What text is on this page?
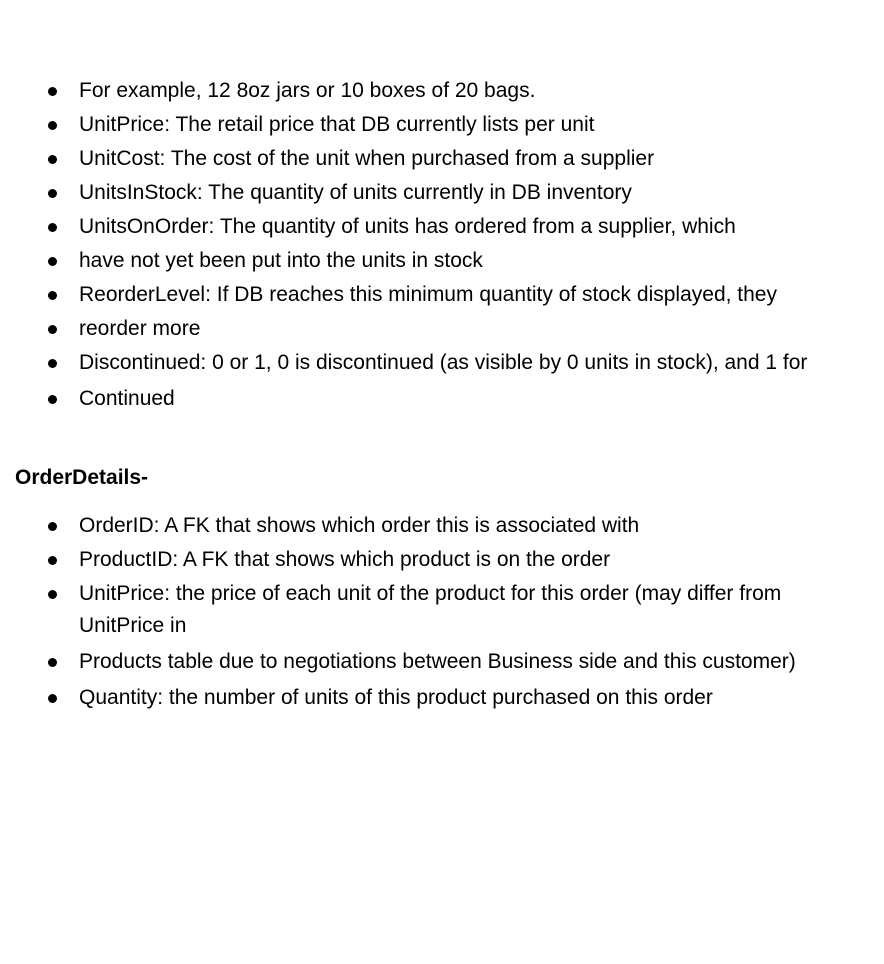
For example, 12 8oz jars or 10 boxes of 20 bags.
UnitPrice: The retail price that DB currently lists per unit
UnitCost: The cost of the unit when purchased from a supplier
UnitsInStock: The quantity of units currently in DB inventory
UnitsOnOrder: The quantity of units has ordered from a supplier, which
have not yet been put into the units in stock
ReorderLevel: If DB reaches this minimum quantity of stock displayed, they
reorder more
Discontinued: 0 or 1, 0 is discontinued (as visible by 0 units in stock), and 1 for
Continued
OrderDetails-
OrderID: A FK that shows which order this is associated with
ProductID: A FK that shows which product is on the order
UnitPrice: the price of each unit of the product for this order (may differ from UnitPrice in
Products table due to negotiations between Business side and this customer)
Quantity: the number of units of this product purchased on this order
